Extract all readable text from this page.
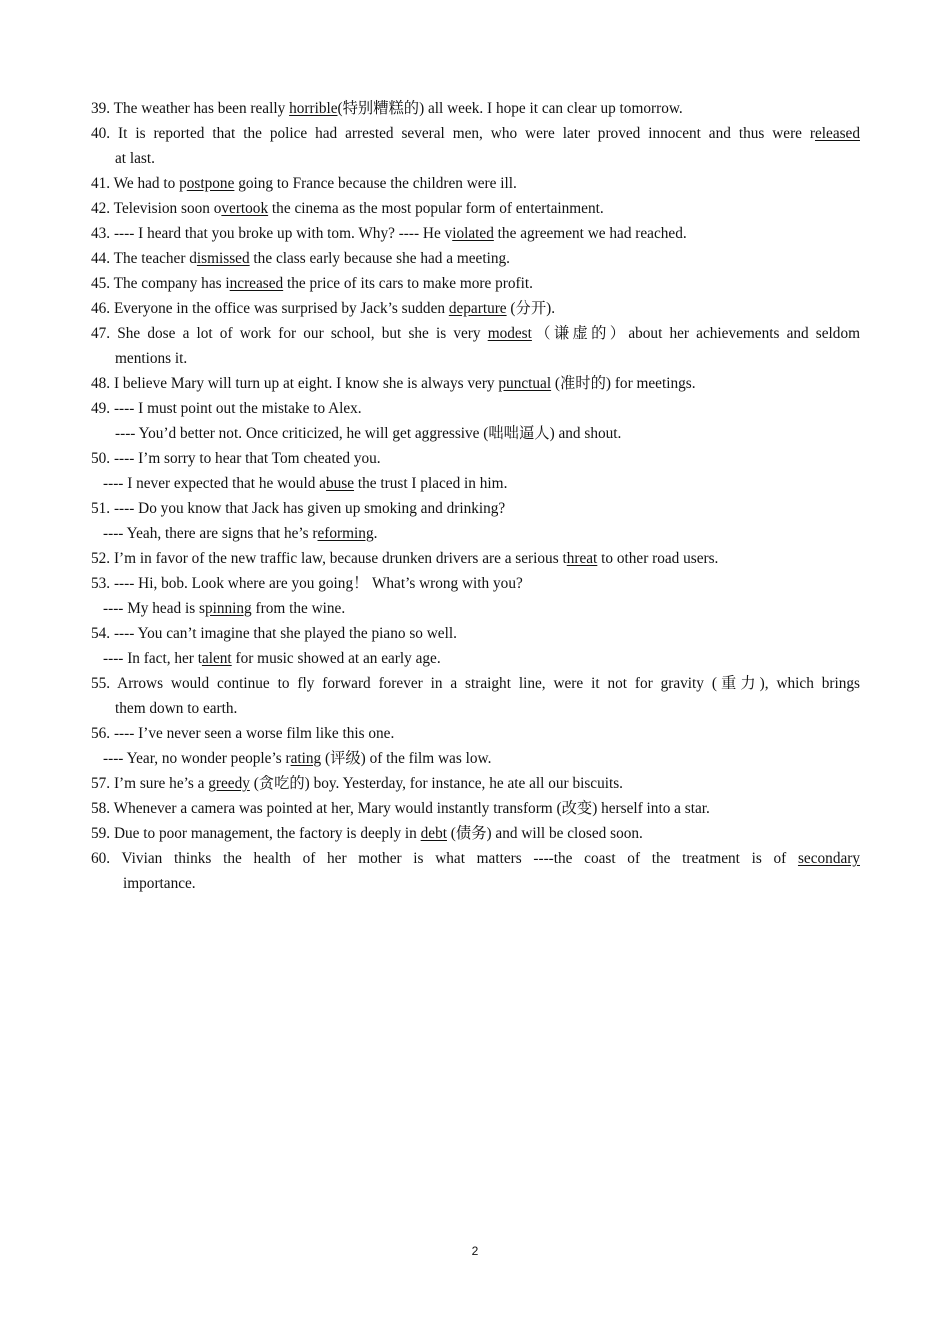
39. The weather has been really horrible(特别糟糕的) all week. I hope it can clear up tomorrow.
40. It is reported that the police had arrested several men, who were later proved innocent and thus were released
at last.
41. We had to postpone going to France because the children were ill.
42. Television soon overtook the cinema as the most popular form of entertainment.
43. ---- I heard that you broke up with tom. Why? ---- He violated the agreement we had reached.
44. The teacher dismissed the class early because she had a meeting.
45. The company has increased the price of its cars to make more profit.
46. Everyone in the office was surprised by Jack’s sudden departure (分开).
47. She dose a lot of work for our school, but she is very modest（谦虚的）about her achievements and seldom
mentions it.
48. I believe Mary will turn up at eight. I know she is always very punctual (准时的) for meetings.
49. ---- I must point out the mistake to Alex.
---- You’d better not. Once criticized, he will get aggressive (咄咄逼人) and shout.
50. ---- I’m sorry to hear that Tom cheated you.
---- I never expected that he would abuse the trust I placed in him.
51. ---- Do you know that Jack has given up smoking and drinking?
---- Yeah, there are signs that he’s reforming.
52. I’m in favor of the new traffic law, because drunken drivers are a serious threat to other road users.
53. ---- Hi, bob. Look where are you going！ What’s wrong with you?
---- My head is spinning from the wine.
54. ---- You can’t imagine that she played the piano so well.
---- In fact, her talent for music showed at an early age.
55. Arrows would continue to fly forward forever in a straight line, were it not for gravity (重力), which brings
them down to earth.
56. ---- I’ve never seen a worse film like this one.
---- Year, no wonder people’s rating (评级) of the film was low.
57. I’m sure he’s a greedy (贪吃的) boy. Yesterday, for instance, he ate all our biscuits.
58. Whenever a camera was pointed at her, Mary would instantly transform (改变) herself into a star.
59. Due to poor management, the factory is deeply in debt (债务) and will be closed soon.
60. Vivian thinks the health of her mother is what matters ----the coast of the treatment is of secondary
importance.
2
